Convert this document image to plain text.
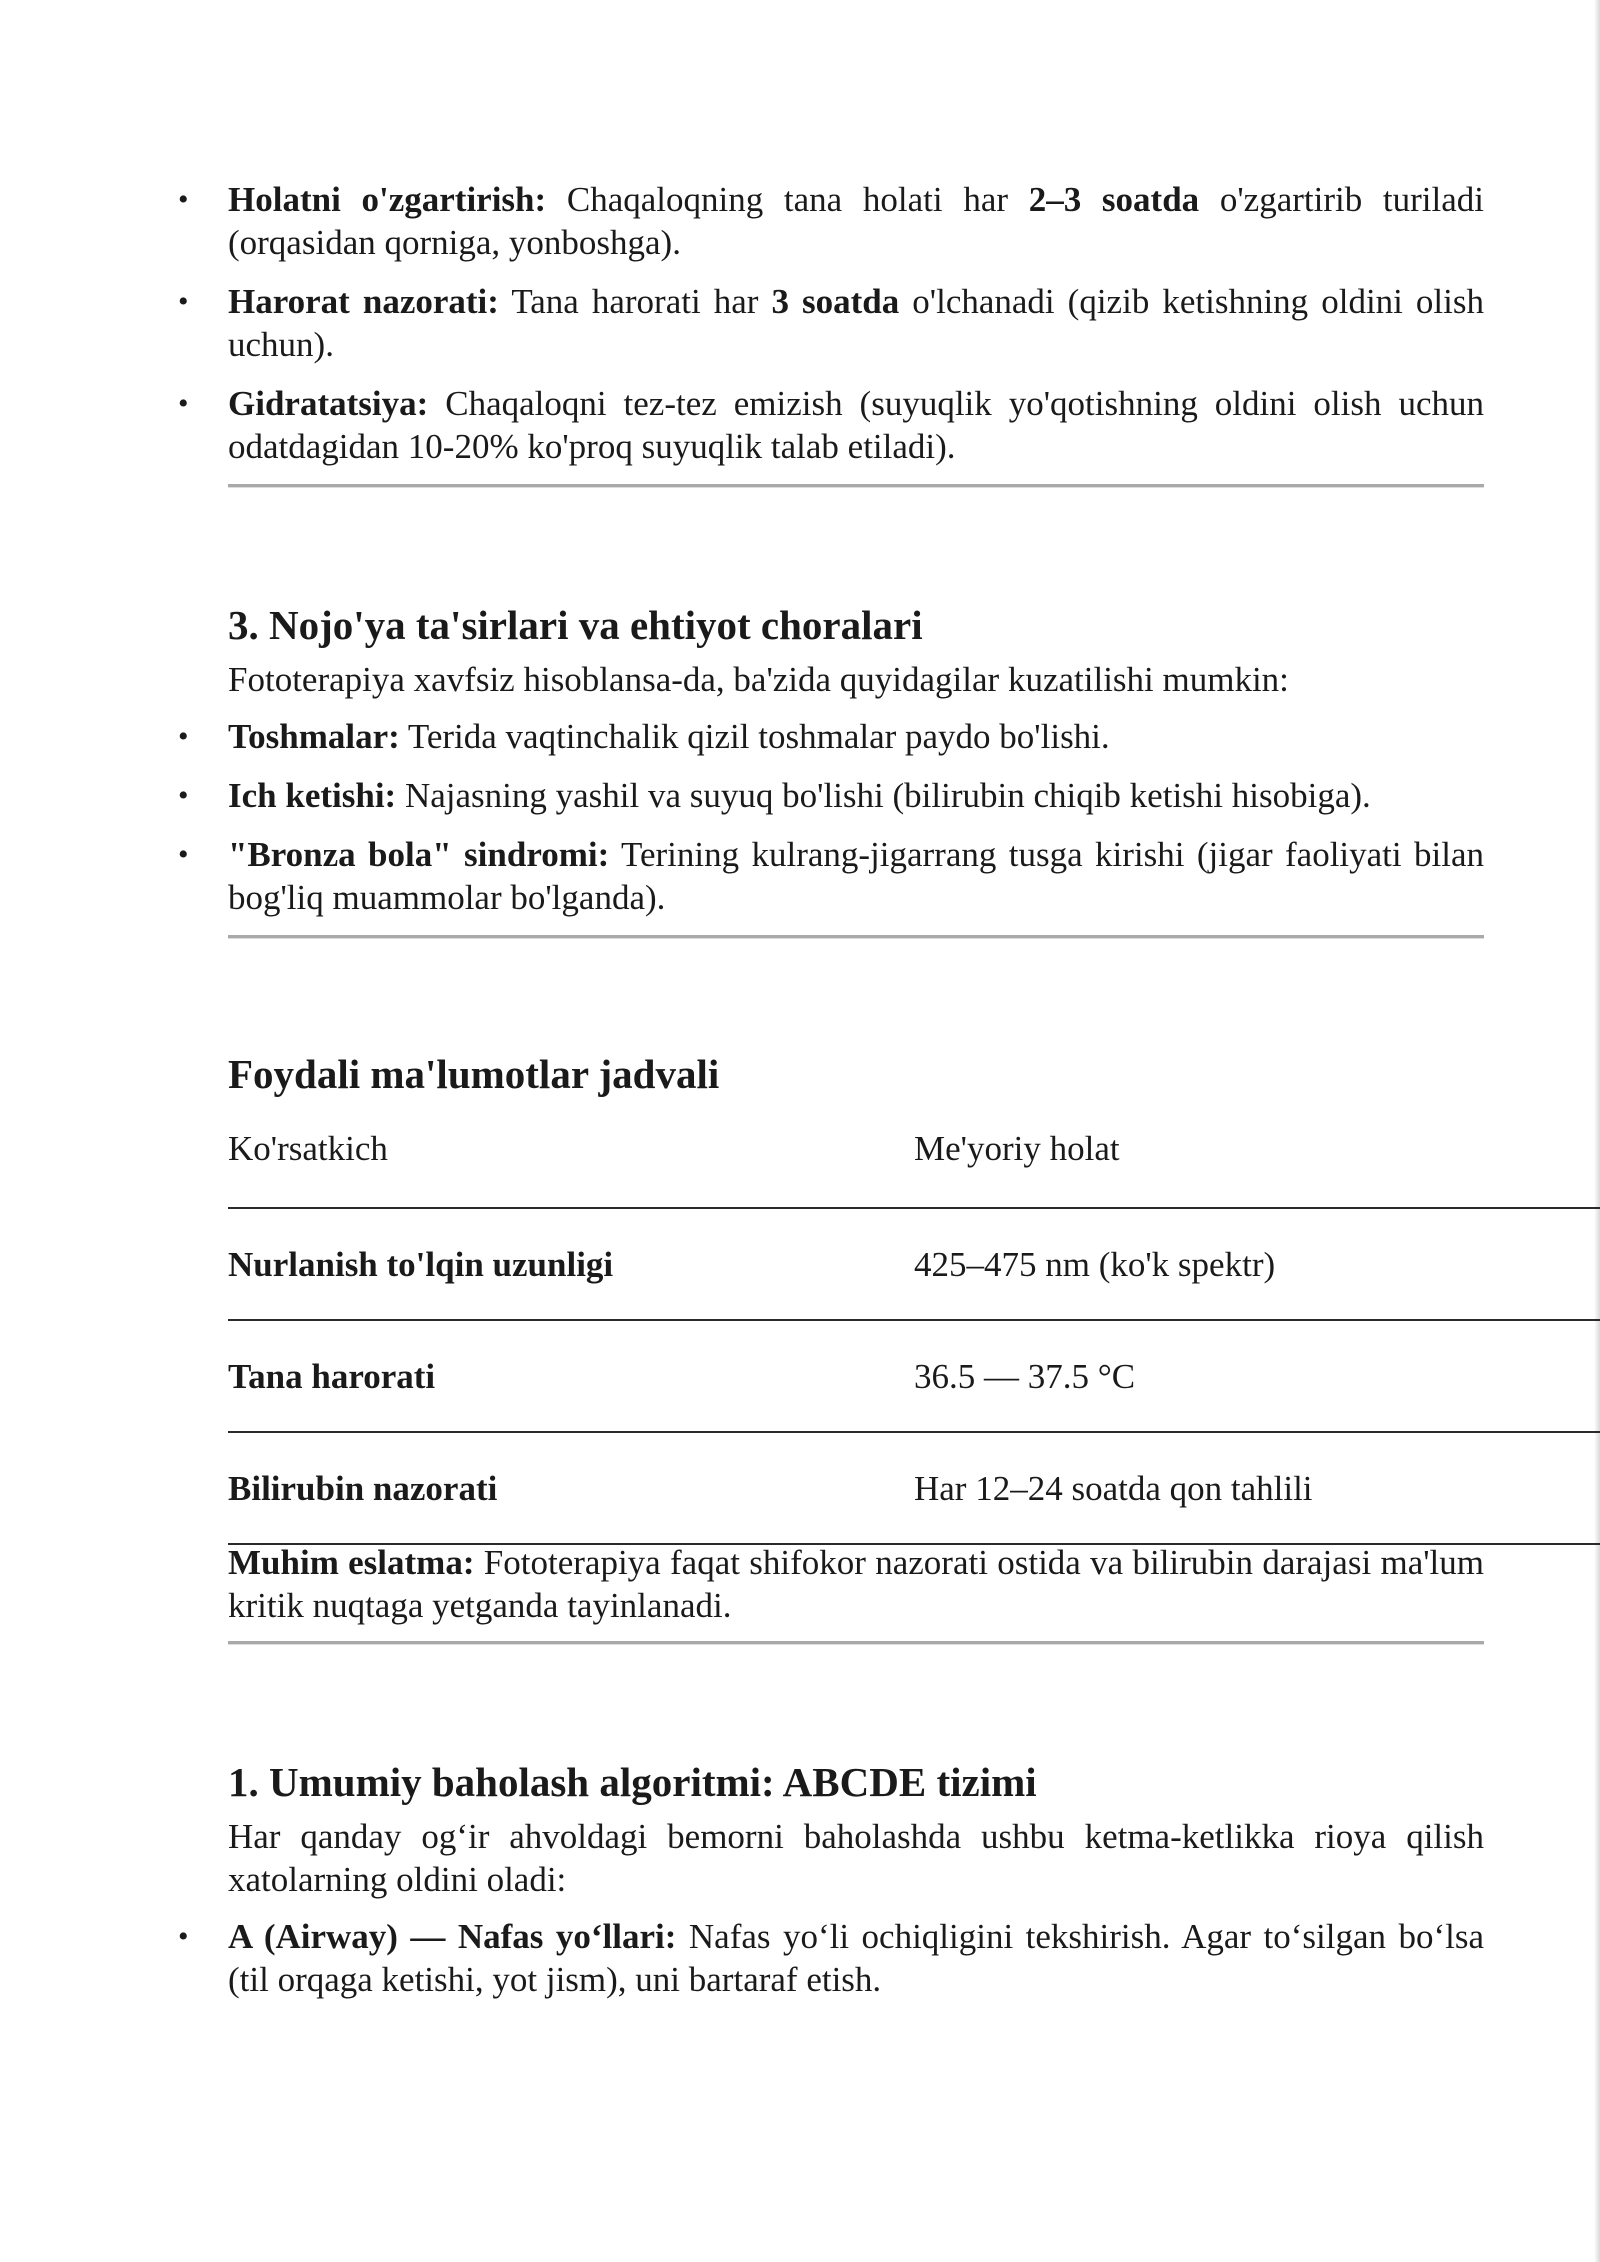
• Holatni o'zgartirish: Chaqaloqning tana holati har 2–3 soatda o'zgartirib turiladi (orqasidan qorniga, yonboshga).
• Harorat nazorati: Tana harorati har 3 soatda o'lchanadi (qizib ketishning oldini olish uchun).
• Gidratatsiya: Chaqaloqni tez-tez emizish (suyuqlik yo'qotishning oldini olish uchun odatdagidan 10-20% ko'proq suyuqlik talab etiladi).
3. Nojo'ya ta'sirlari va ehtiyot choralari

Fototerapiya xavfsiz hisoblansa-da, ba'zida quyidagilar kuzatilishi mumkin:

• Toshmalar: Terida vaqtinchalik qizil toshmalar paydo bo'lishi.
• Ich ketishi: Najasning yashil va suyuq bo'lishi (bilirubin chiqib ketishi hisobiga).
• "Bronza bola" sindromi: Terining kulrang-jigarrang tusga kirishi (jigar faoliyati bilan bog'liq muammolar bo'lganda).
Foydali ma'lumotlar jadvali
Ko'rsatkich	Me'yoriy holat
Nurlanish to'lqin uzunligi	425–475 nm (ko'k spektr)
Tana harorati	36.5 — 37.5 °C
Bilirubin nazorati	Har 12–24 soatda qon tahlili

Muhim eslatma: Fototerapiya faqat shifokor nazorati ostida va bilirubin darajasi ma'lum kritik nuqtaga yetganda tayinlanadi.

1. Umumiy baholash algoritmi: ABCDE tizimi

Har qanday og‘ir ahvoldagi bemorni baholashda ushbu ketma-ketlikka rioya qilish xatolarning oldini oladi:

• A (Airway) — Nafas yo‘llari: Nafas yo‘li ochiqligini tekshirish. Agar to‘silgan bo‘lsa (til orqaga ketishi, yot jism), uni bartaraf etish.
